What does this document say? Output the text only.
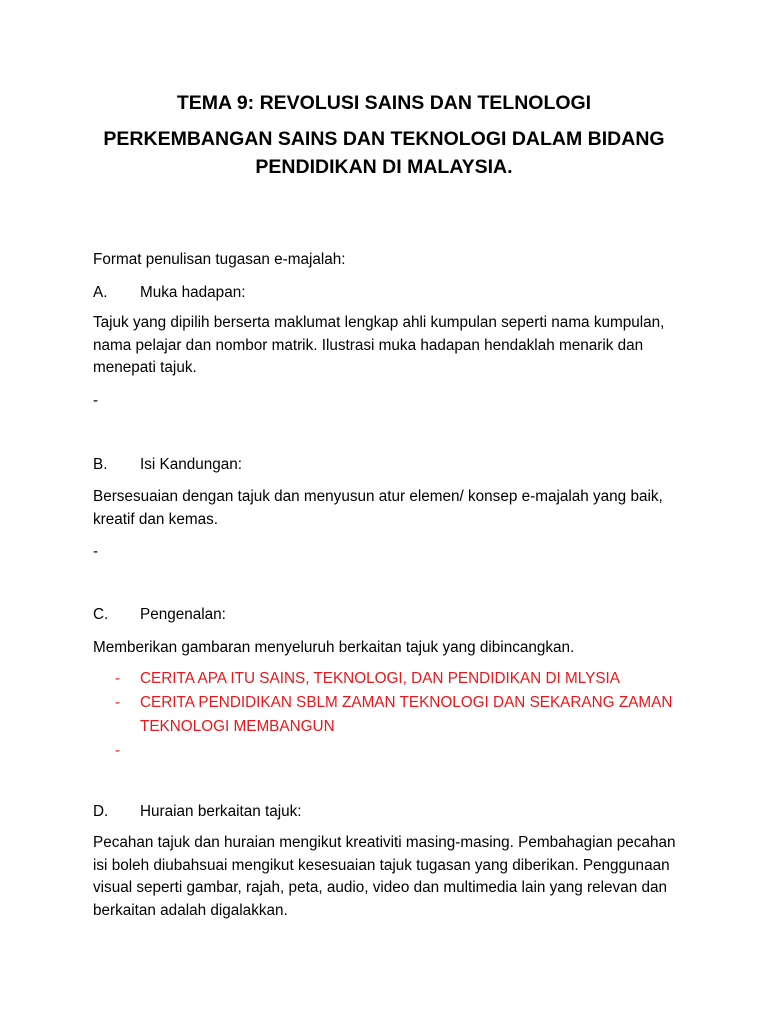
TEMA 9: REVOLUSI SAINS DAN TELNOLOGI
PERKEMBANGAN SAINS DAN TEKNOLOGI DALAM BIDANG
PENDIDIKAN DI MALAYSIA.

Format penulisan tugasan e-majalah:

A. Muka hadapan:

Tajuk yang dipilih berserta maklumat lengkap ahli kumpulan seperti nama kumpulan, nama pelajar dan nombor matrik. Ilustrasi muka hadapan hendaklah menarik dan menepati tajuk.

-

B. Isi Kandungan:

Bersesuaian dengan tajuk dan menyusun atur elemen/ konsep e-majalah yang baik, kreatif dan kemas.

-

C. Pengenalan:

Memberikan gambaran menyeluruh berkaitan tajuk yang dibincangkan.

- CERITA APA ITU SAINS, TEKNOLOGI, DAN PENDIDIKAN DI MLYSIA
- CERITA PENDIDIKAN SBLM ZAMAN TEKNOLOGI DAN SEKARANG ZAMAN TEKNOLOGI MEMBANGUN
-

D. Huraian berkaitan tajuk:

Pecahan tajuk dan huraian mengikut kreativiti masing-masing. Pembahagian pecahan isi boleh diubahsuai mengikut kesesuaian tajuk tugasan yang diberikan. Penggunaan visual seperti gambar, rajah, peta, audio, video dan multimedia lain yang relevan dan berkaitan adalah digalakkan.
